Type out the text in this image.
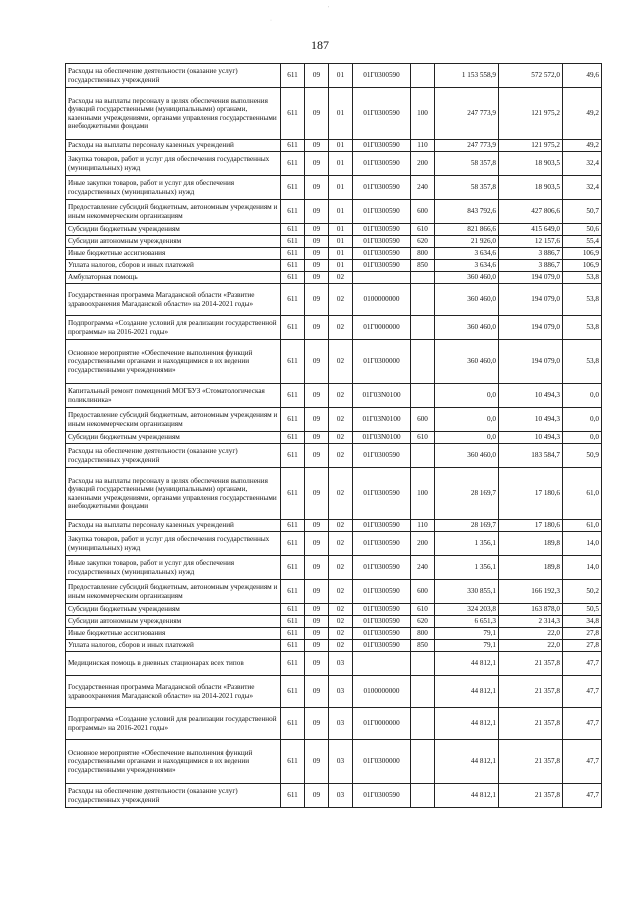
187
'
·
Расходы на обеспечение деятельности (оказание услуг) государственных учреждений	611	09	01	01Г0300590		1 153 558,9	572 572,0	49,6
Расходы на выплаты персоналу в целях обеспечения выполнения функций государственными (муниципальными) органами, казенными учреждениями, органами управления государственными внебюджетными фондами	611	09	01	01Г0300590	100	247 773,9	121 975,2	49,2
Расходы на выплаты персоналу казенных учреждений	611	09	01	01Г0300590	110	247 773,9	121 975,2	49,2
Закупка товаров, работ и услуг для обеспечения государственных (муниципальных) нужд	611	09	01	01Г0300590	200	58 357,8	18 903,5	32,4
Иные закупки товаров, работ и услуг для обеспечения государственных (муниципальных) нужд	611	09	01	01Г0300590	240	58 357,8	18 903,5	32,4
Предоставление субсидий бюджетным, автономным учреждениям и иным некоммерческим организациям	611	09	01	01Г0300590	600	843 792,6	427 806,6	50,7
Субсидии бюджетным учреждениям	611	09	01	01Г0300590	610	821 866,6	415 649,0	50,6
Субсидии автономным учреждениям	611	09	01	01Г0300590	620	21 926,0	12 157,6	55,4
Иные бюджетные ассигнования	611	09	01	01Г0300590	800	3 634,6	3 886,7	106,9
Уплата налогов, сборов и иных платежей	611	09	01	01Г0300590	850	3 634,6	3 886,7	106,9
Амбулаторная помощь	611	09	02			360 460,0	194 079,0	53,8
Государственная программа Магаданской области «Развитие здравоохранения Магаданской области» на 2014-2021 годы»	611	09	02	0100000000		360 460,0	194 079,0	53,8
Подпрограмма «Создание условий для реализации государственной программы» на 2016-2021 годы»	611	09	02	01Г0000000		360 460,0	194 079,0	53,8
Основное мероприятие «Обеспечение выполнения функций государственными органами и находящимися в их ведении государственными учреждениями»	611	09	02	01Г0300000		360 460,0	194 079,0	53,8
Капитальный ремонт помещений МОГБУЗ «Стоматологическая поликлиника»	611	09	02	01Г03N0100		0,0	10 494,3	0,0
Предоставление субсидий бюджетным, автономным учреждениям и иным некоммерческим организациям	611	09	02	01Г03N0100	600	0,0	10 494,3	0,0
Субсидии бюджетным учреждениям	611	09	02	01Г03N0100	610	0,0	10 494,3	0,0
Расходы на обеспечение деятельности (оказание услуг) государственных учреждений	611	09	02	01Г0300590		360 460,0	183 584,7	50,9
Расходы на выплаты персоналу в целях обеспечения выполнения функций государственными (муниципальными) органами, казенными учреждениями, органами управления государственными внебюджетными фондами	611	09	02	01Г0300590	100	28 169,7	17 180,6	61,0
Расходы на выплаты персоналу казенных учреждений	611	09	02	01Г0300590	110	28 169,7	17 180,6	61,0
Закупка товаров, работ и услуг для обеспечения государственных (муниципальных) нужд	611	09	02	01Г0300590	200	1 356,1	189,8	14,0
Иные закупки товаров, работ и услуг для обеспечения государственных (муниципальных) нужд	611	09	02	01Г0300590	240	1 356,1	189,8	14,0
Предоставление субсидий бюджетным, автономным учреждениям и иным некоммерческим организациям	611	09	02	01Г0300590	600	330 855,1	166 192,3	50,2
Субсидии бюджетным учреждениям	611	09	02	01Г0300590	610	324 203,8	163 878,0	50,5
Субсидии автономным учреждениям	611	09	02	01Г0300590	620	6 651,3	2 314,3	34,8
Иные бюджетные ассигнования	611	09	02	01Г0300590	800	79,1	22,0	27,8
Уплата налогов, сборов и иных платежей	611	09	02	01Г0300590	850	79,1	22,0	27,8
Медицинская помощь в дневных стационарах всех типов	611	09	03			44 812,1	21 357,8	47,7
Государственная программа Магаданской области «Развитие здравоохранения Магаданской области» на 2014-2021 годы»	611	09	03	0100000000		44 812,1	21 357,8	47,7
Подпрограмма «Создание условий для реализации государственной программы» на 2016-2021 годы»	611	09	03	01Г0000000		44 812,1	21 357,8	47,7
Основное мероприятие «Обеспечение выполнения функций государственными органами и находящимися в их ведении государственными учреждениями»	611	09	03	01Г0300000		44 812,1	21 357,8	47,7
Расходы на обеспечение деятельности (оказание услуг) государственных учреждений	611	09	03	01Г0300590		44 812,1	21 357,8	47,7
